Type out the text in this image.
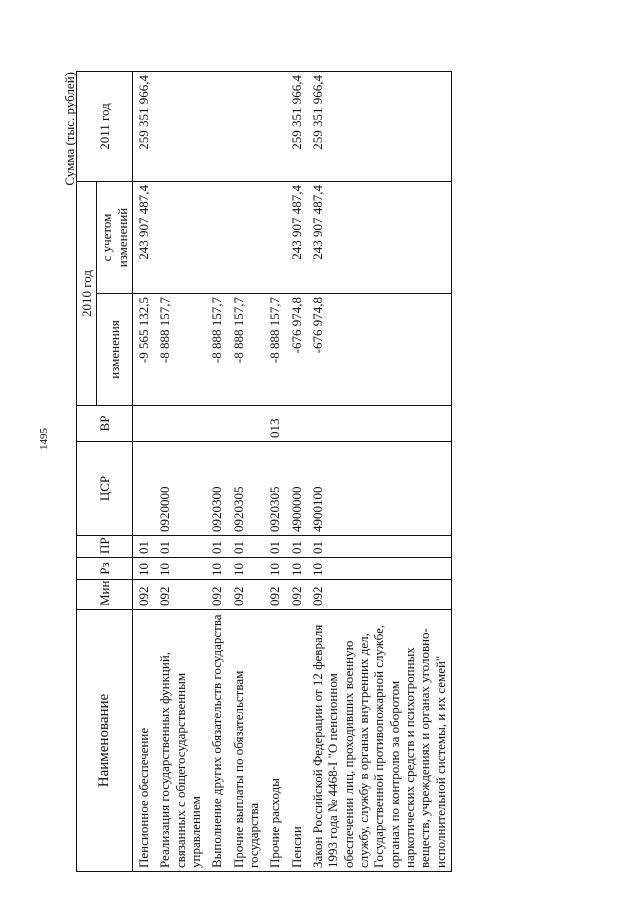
1495
Сумма (тыс. рублей)
Наименование	Мин	Рз	ПР	ЦСР	ВР	2010 год		2011 год
						изменения	с учетом изменений	
Пенсионное обеспечение	092	10	01			-9 565 132,5	243 907 487,4	259 351 966,4
Реализация государственных функций, связанных с общегосударственным управлением	092	10	01	0920000		-8 888 157,7		
Выполнение других обязательств государства	092	10	01	0920300		-8 888 157,7		
Прочие выплаты по обязательствам государства	092	10	01	0920305		-8 888 157,7		
Прочие расходы	092	10	01	0920305	013	-8 888 157,7		
Пенсии	092	10	01	4900000		-676 974,8	243 907 487,4	259 351 966,4
Закон Российской Федерации от 12 февраля 1993 года № 4468-I "О пенсионном обеспечении лиц, проходивших военную службу, службу в органах внутренних дел, Государственной противопожарной службе, органах по контролю за оборотом наркотических средств и психотропных веществ, учреждениях и органах уголовно-исполнительной системы, и их семей"	092	10	01	4900100		-676 974,8	243 907 487,4	259 351 966,4
